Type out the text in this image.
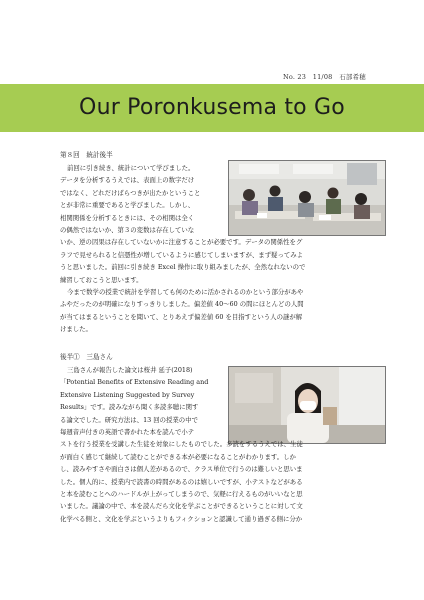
No. 23　11/08　石部希穂
Our Poronkusema to Go
第８回　統計後半

前回に引き続き、統計について学びました。

データを分析するうえでは、表面上の数字だけ

ではなく、どれだけばらつきが出たかということ

とが非常に重要であると学びました。しかし、

相関関係を分析するときには、その相関は全く

の偶然ではないか、第３の変数は存在していな

いか、逆の因果は存在していないかに注意することが必要です。データの関係性をグ

ラフで見せられると信憑性が増しているように感じてしまいますが、まず疑ってみよ

うと思いました。前回に引き続き Excel 操作に取り組みましたが、全然なれないので

練習しておこうと思います。

今まで数学の授業で統計を学習しても何のために活かされるのかという部分があや

ふやだったのが明確になりすっきりしました。偏差値 40～60 の間にほとんどの人間

が当てはまるということを聞いて、とりあえず偏差値 60 を目指すという人の謎が解

けました。

後半①　三島さん

三島さんが報告した論文は桜井 延子(2018)

「Potential Benefits of Extensive Reading and

Extensive Listening Suggested by Survey

Results」です。読みながら聞く多読多聴に関す

る論文でした。研究方法は、13 回の授業の中で

毎週音声付きの英語で書かれた本を読んで小テ

ストを行う授業を受講した生徒を対象にしたものでした。多読をするうえでは、生徒

が面白く感じて継続して読むことができる本が必要になることがわかります。しか

し、読みやすさや面白さは個人差があるので、クラス単位で行うのは難しいと思いま

した。個人的に、授業内で読書の時間があるのは嬉しいですが、小テストなどがある

と本を読むことへのハードルが上がってしまうので、気軽に行えるものがいいなと思

いました。議論の中で、本を読んだら文化を学ぶことができるということに対して文

化学べる側と、文化を学ぶというよりもフィクションと認識して通り過ぎる側に分か
